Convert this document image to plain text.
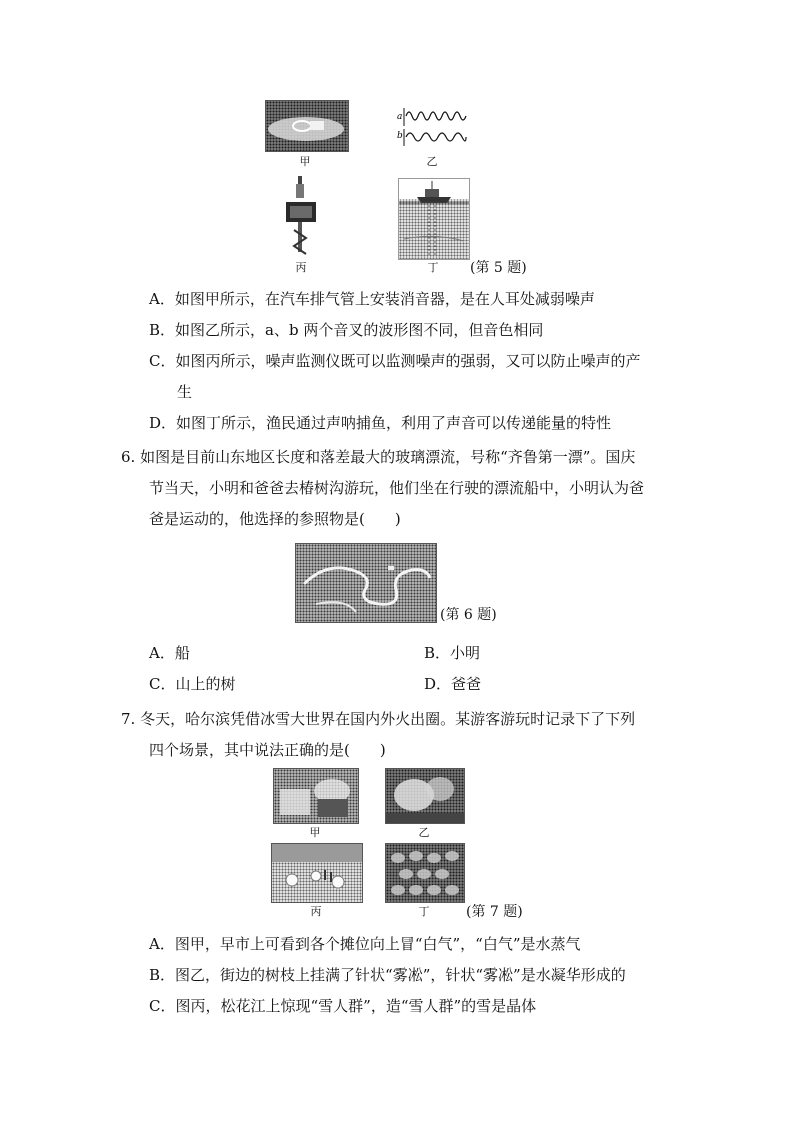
甲
a
b
乙
丙	丁	(第 5 题)
A．如图甲所示，在汽车排气管上安装消音器，是在人耳处减弱噪声
B．如图乙所示，a、b 两个音叉的波形图不同，但音色相同
C．如图丙所示，噪声监测仪既可以监测噪声的强弱，又可以防止噪声的产
生
D．如图丁所示，渔民通过声呐捕鱼，利用了声音可以传递能量的特性
6. 如图是目前山东地区长度和落差最大的玻璃漂流，号称“齐鲁第一漂”。国庆
节当天，小明和爸爸去椿树沟游玩，他们坐在行驶的漂流船中，小明认为爸
爸是运动的，他选择的参照物是(　　)
(第 6 题)
A．船	B．小明
C．山上的树	D．爸爸
7. 冬天，哈尔滨凭借冰雪大世界在国内外火出圈。某游客游玩时记录下了下列
四个场景，其中说法正确的是(　　)
甲	乙
丙	丁	(第 7 题)
A．图甲，早市上可看到各个摊位向上冒“白气”，“白气”是水蒸气
B．图乙，街边的树枝上挂满了针状“雾凇”，针状“雾凇”是水凝华形成的
C．图丙，松花江上惊现“雪人群”，造“雪人群”的雪是晶体
